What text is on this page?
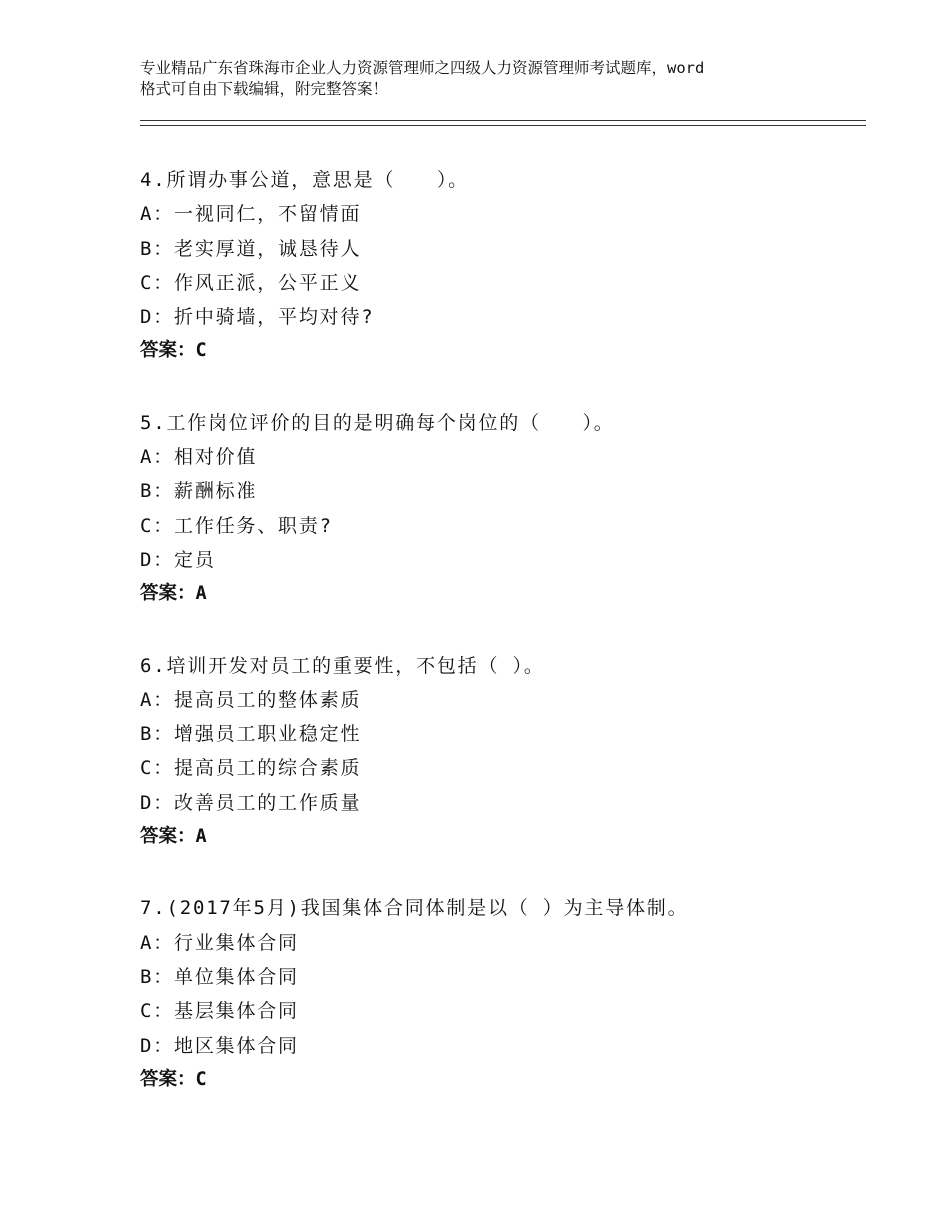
专业精品广东省珠海市企业人力资源管理师之四级人力资源管理师考试题库，word
格式可自由下载编辑，附完整答案！
4.所谓办事公道，意思是（　　）。
A：一视同仁，不留情面
B：老实厚道，诚恳待人
C：作风正派，公平正义
D：折中骑墙，平均对待?
答案：C
5.工作岗位评价的目的是明确每个岗位的（　　）。
A：相对价值
B：薪酬标准
C：工作任务、职责?
D：定员
答案：A
6.培训开发对员工的重要性，不包括（ ）。
A：提高员工的整体素质
B：增强员工职业稳定性
C：提高员工的综合素质
D：改善员工的工作质量
答案：A
7.(2017年5月)我国集体合同体制是以（ ）为主导体制。
A：行业集体合同
B：单位集体合同
C：基层集体合同
D：地区集体合同
答案：C
